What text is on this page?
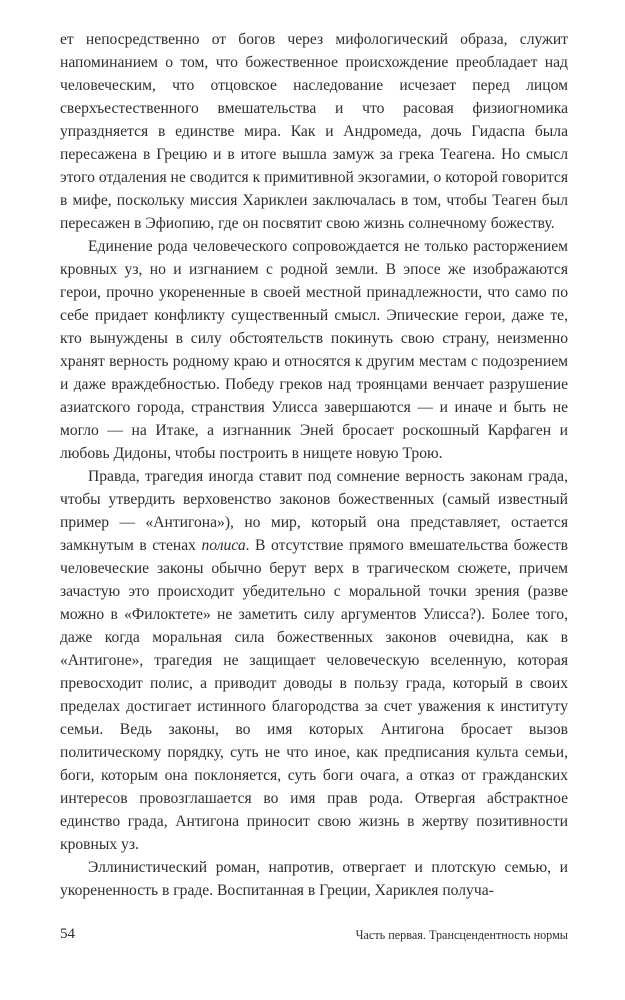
ет непосредственно от богов через мифологический образа, служит напоминанием о том, что божественное происхождение преобладает над человеческим, что отцовское наследование исчезает перед лицом сверхъестественного вмешательства и что расовая физиогномика упраздняется в единстве мира. Как и Андромеда, дочь Гидаспа была пересажена в Грецию и в итоге вышла замуж за грека Теагена. Но смысл этого отдаления не сводится к примитивной экзогамии, о которой говорится в мифе, поскольку миссия Хариклеи заключалась в том, чтобы Теаген был пересажен в Эфиопию, где он посвятит свою жизнь солнечному божеству.

Единение рода человеческого сопровождается не только расторжением кровных уз, но и изгнанием с родной земли. В эпосе же изображаются герои, прочно укорененные в своей местной принадлежности, что само по себе придает конфликту существенный смысл. Эпические герои, даже те, кто вынуждены в силу обстоятельств покинуть свою страну, неизменно хранят верность родному краю и относятся к другим местам с подозрением и даже враждебностью. Победу греков над троянцами венчает разрушение азиатского города, странствия Улисса завершаются — и иначе и быть не могло — на Итаке, а изгнанник Эней бросает роскошный Карфаген и любовь Дидоны, чтобы построить в нищете новую Трою.

Правда, трагедия иногда ставит под сомнение верность законам града, чтобы утвердить верховенство законов божественных (самый известный пример — «Антигона»), но мир, который она представляет, остается замкнутым в стенах полиса. В отсутствие прямого вмешательства божеств человеческие законы обычно берут верх в трагическом сюжете, причем зачастую это происходит убедительно с моральной точки зрения (разве можно в «Филоктете» не заметить силу аргументов Улисса?). Более того, даже когда моральная сила божественных законов очевидна, как в «Антигоне», трагедия не защищает человеческую вселенную, которая превосходит полис, а приводит доводы в пользу града, который в своих пределах достигает истинного благородства за счет уважения к институту семьи. Ведь законы, во имя которых Антигона бросает вызов политическому порядку, суть не что иное, как предписания культа семьи, боги, которым она поклоняется, суть боги очага, а отказ от гражданских интересов провозглашается во имя прав рода. Отвергая абстрактное единство града, Антигона приносит свою жизнь в жертву позитивности кровных уз.

Эллинистический роман, напротив, отвергает и плотскую семью, и укорененность в граде. Воспитанная в Греции, Хариклея получа-

54	Часть первая. Трансцендентность нормы
